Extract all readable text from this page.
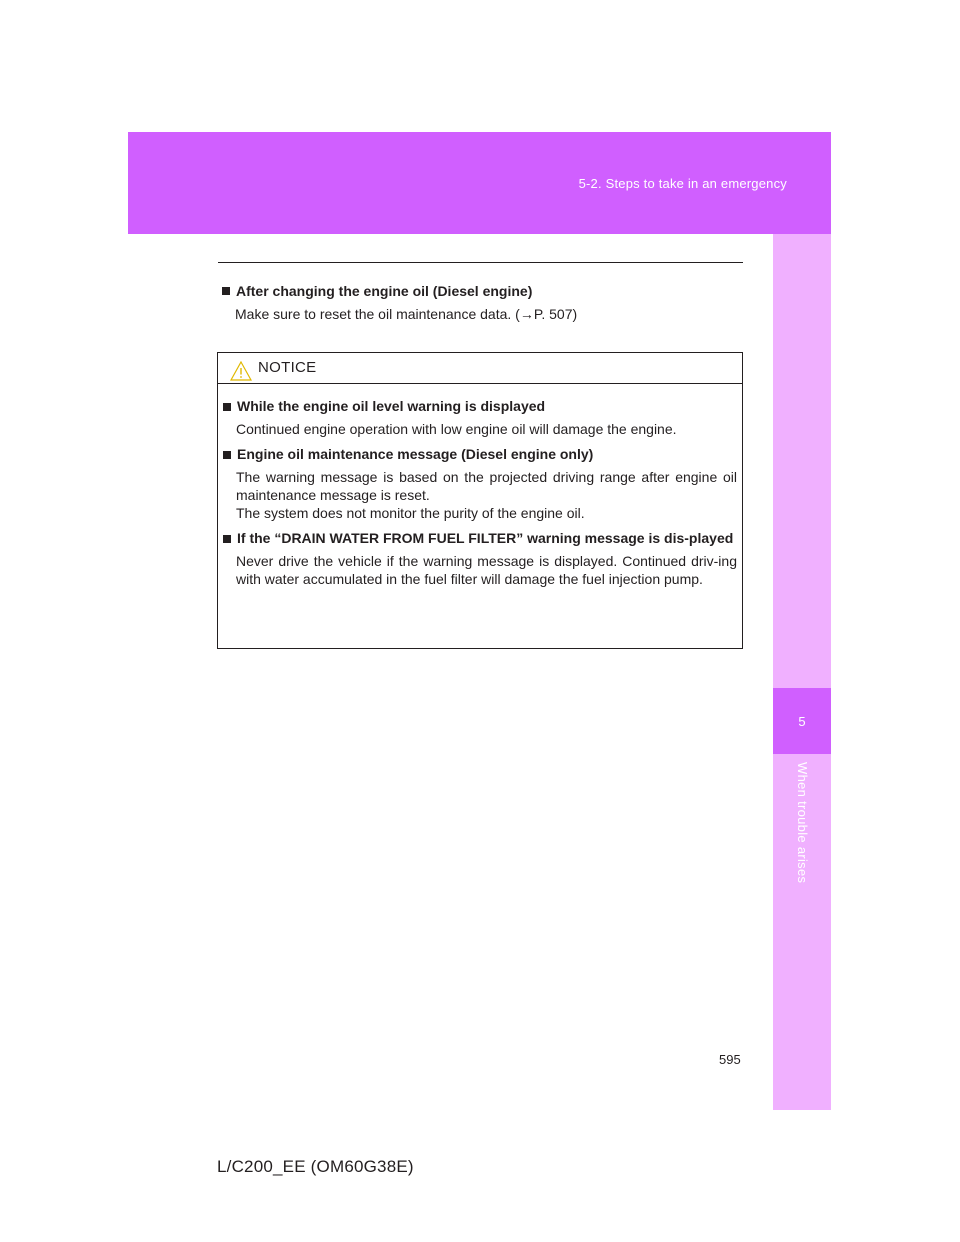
5-2. Steps to take in an emergency
5
When trouble arises
After changing the engine oil (Diesel engine)
Make sure to reset the oil maintenance data. (→P. 507)
NOTICE
While the engine oil level warning is displayed
Continued engine operation with low engine oil will damage the engine.
Engine oil maintenance message (Diesel engine only)
The warning message is based on the projected driving range after engine oil maintenance message is reset.
The system does not monitor the purity of the engine oil.
If the “DRAIN WATER FROM FUEL FILTER” warning message is dis-played
Never drive the vehicle if the warning message is displayed. Continued driv-ing with water accumulated in the fuel filter will damage the fuel injection pump.
595
L/C200_EE (OM60G38E)
